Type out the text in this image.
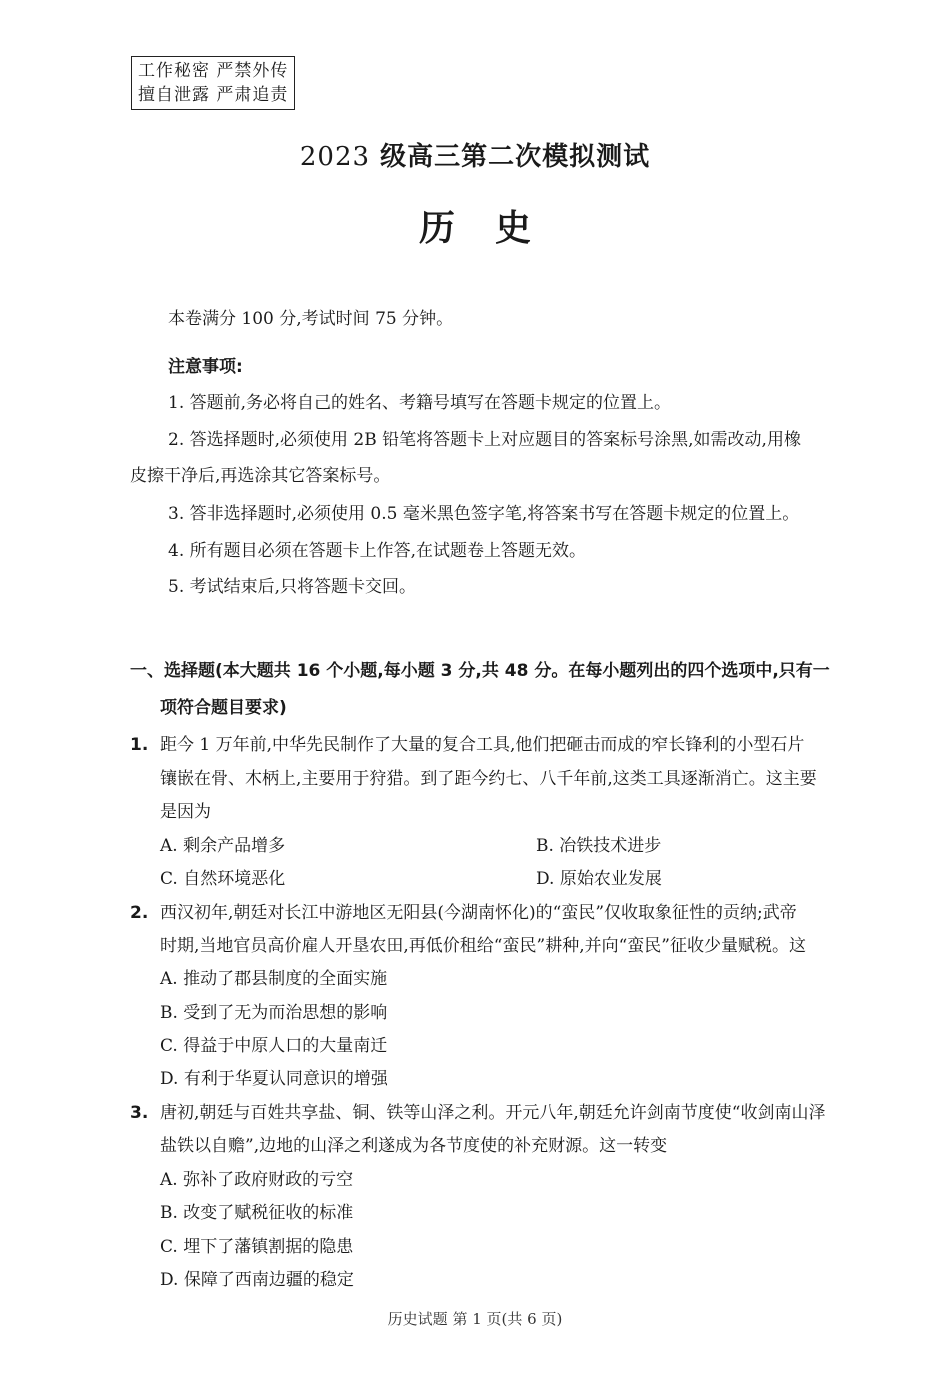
工作秘密 严禁外传
擅自泄露 严肃追责
2023 级高三第二次模拟测试
历史
本卷满分 100 分,考试时间 75 分钟。
注意事项:
1. 答题前,务必将自己的姓名、考籍号填写在答题卡规定的位置上。
2. 答选择题时,必须使用 2B 铅笔将答题卡上对应题目的答案标号涂黑,如需改动,用橡
皮擦干净后,再选涂其它答案标号。
3. 答非选择题时,必须使用 0.5 毫米黑色签字笔,将答案书写在答题卡规定的位置上。
4. 所有题目必须在答题卡上作答,在试题卷上答题无效。
5. 考试结束后,只将答题卡交回。
一、选择题(本大题共 16 个小题,每小题 3 分,共 48 分。在每小题列出的四个选项中,只有一
项符合题目要求)
1. 距今 1 万年前,中华先民制作了大量的复合工具,他们把砸击而成的窄长锋利的小型石片
镶嵌在骨、木柄上,主要用于狩猎。到了距今约七、八千年前,这类工具逐渐消亡。这主要
是因为
A. 剩余产品增多	B. 冶铁技术进步
C. 自然环境恶化	D. 原始农业发展
2. 西汉初年,朝廷对长江中游地区无阳县(今湖南怀化)的“蛮民”仅收取象征性的贡纳;武帝
时期,当地官员高价雇人开垦农田,再低价租给“蛮民”耕种,并向“蛮民”征收少量赋税。这
A. 推动了郡县制度的全面实施
B. 受到了无为而治思想的影响
C. 得益于中原人口的大量南迁
D. 有利于华夏认同意识的增强
3. 唐初,朝廷与百姓共享盐、铜、铁等山泽之利。开元八年,朝廷允许剑南节度使“收剑南山泽
盐铁以自赡”,边地的山泽之利遂成为各节度使的补充财源。这一转变
A. 弥补了政府财政的亏空
B. 改变了赋税征收的标准
C. 埋下了藩镇割据的隐患
D. 保障了西南边疆的稳定
历史试题 第 1 页(共 6 页)
